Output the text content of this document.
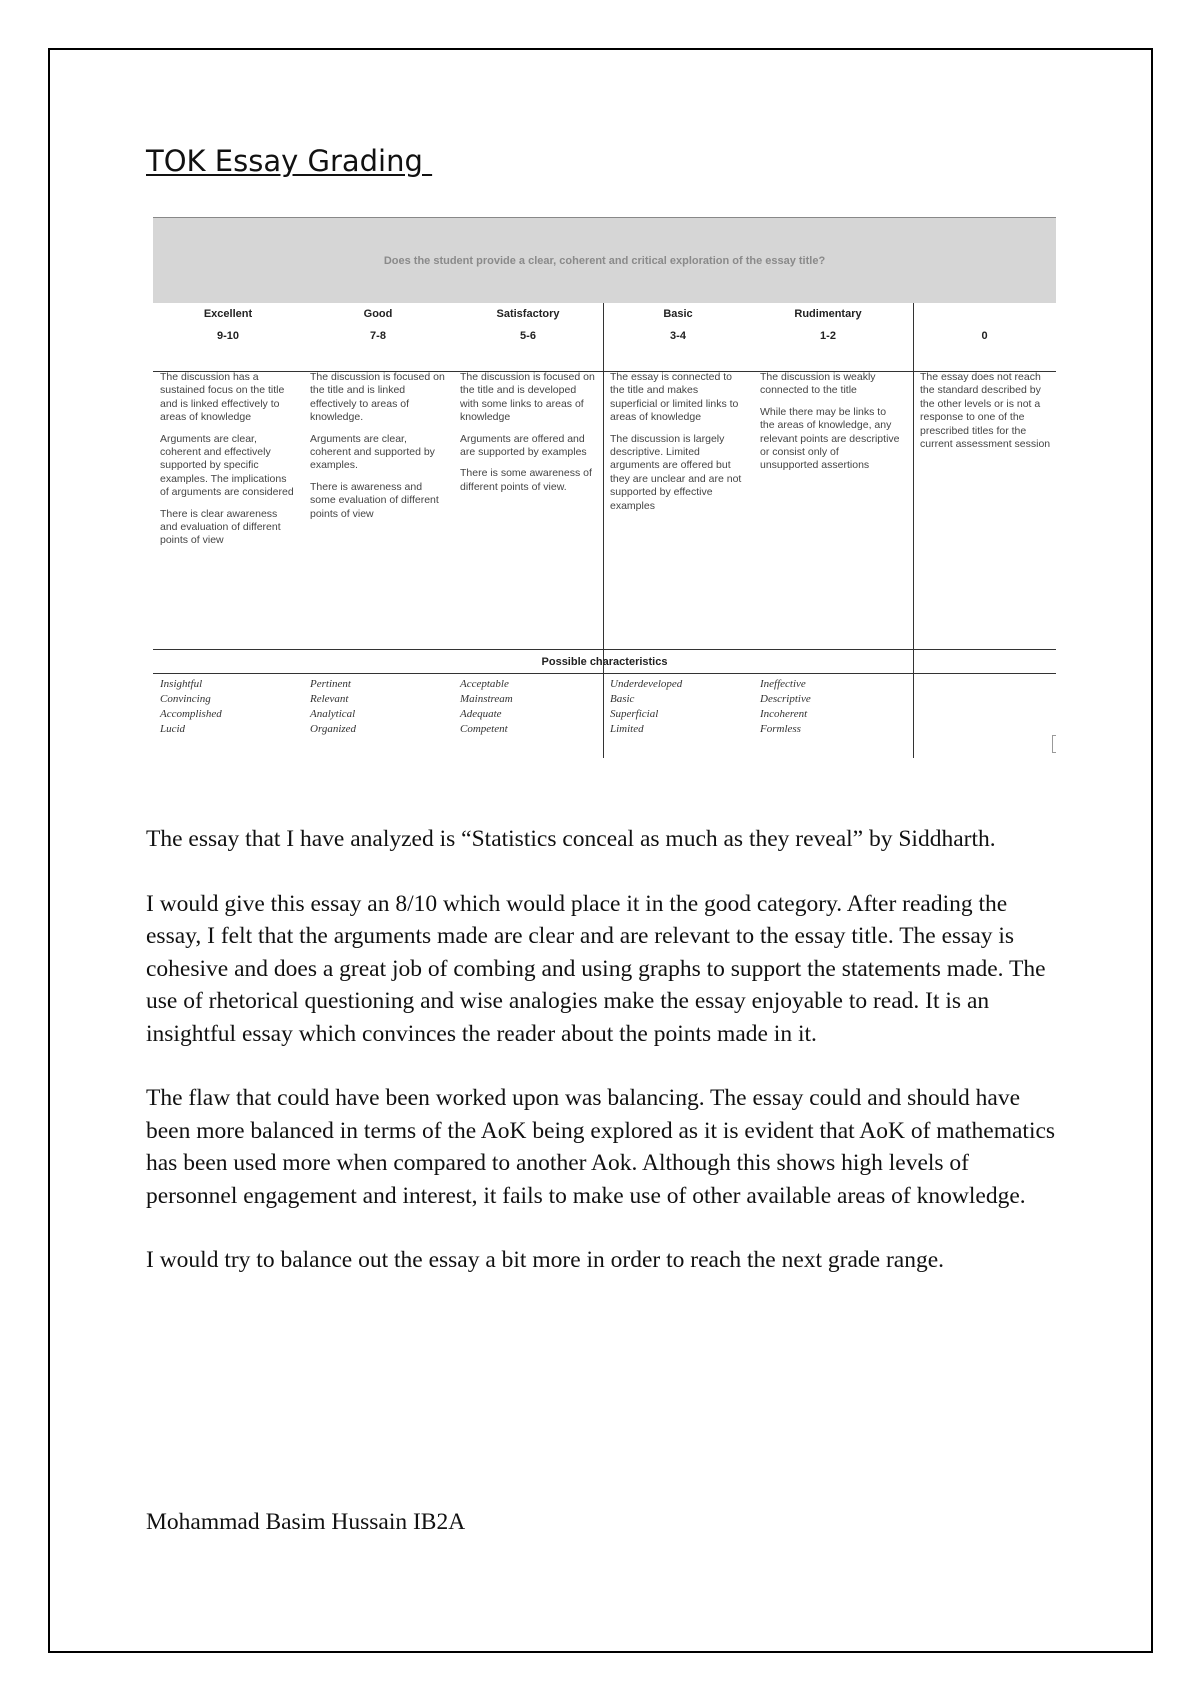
TOK Essay Grading
Does the student provide a clear, coherent and critical exploration of the essay title?
Excellent
9-10
Good
7-8
Satisfactory
5-6
Basic
3-4
Rudimentary
1-2	0

The discussion has a sustained focus on the title and is linked effectively to areas of knowledge

Arguments are clear, coherent and effectively supported by specific examples. The implications of arguments are considered

There is clear awareness and evaluation of different points of view

The discussion is focused on the title and is linked effectively to areas of knowledge.

Arguments are clear, coherent and supported by examples.

There is awareness and some evaluation of different points of view

The discussion is focused on the title and is developed with some links to areas of knowledge

Arguments are offered and are supported by examples

There is some awareness of different points of view.

The essay is connected to the title and makes superficial or limited links to areas of knowledge

The discussion is largely descriptive. Limited arguments are offered but they are unclear and are not supported by effective examples

The discussion is weakly connected to the title

While there may be links to the areas of knowledge, any relevant points are descriptive or consist only of unsupported assertions

The essay does not reach the standard described by the other levels or is not a response to one of the prescribed titles for the current assessment session

Possible characteristics
Insightful
Convincing
Accomplished
Lucid
Pertinent
Relevant
Analytical
Organized
Acceptable
Mainstream
Adequate
Competent
Underdeveloped
Basic
Superficial
Limited
Ineffective
Descriptive
Incoherent
Formless

The essay that I have analyzed is “Statistics conceal as much as they reveal” by Siddharth.

I would give this essay an 8/10 which would place it in the good category. After reading the essay, I felt that the arguments made are clear and are relevant to the essay title. The essay is cohesive and does a great job of combing and using graphs to support the statements made. The use of rhetorical questioning and wise analogies make the essay enjoyable to read. It is an insightful essay which convinces the reader about the points made in it.

The flaw that could have been worked upon was balancing. The essay could and should have been more balanced in terms of the AoK being explored as it is evident that AoK of mathematics has been used more when compared to another Aok. Although this shows high levels of personnel engagement and interest, it fails to make use of other available areas of knowledge.

I would try to balance out the essay a bit more in order to reach the next grade range.

Mohammad Basim Hussain IB2A
